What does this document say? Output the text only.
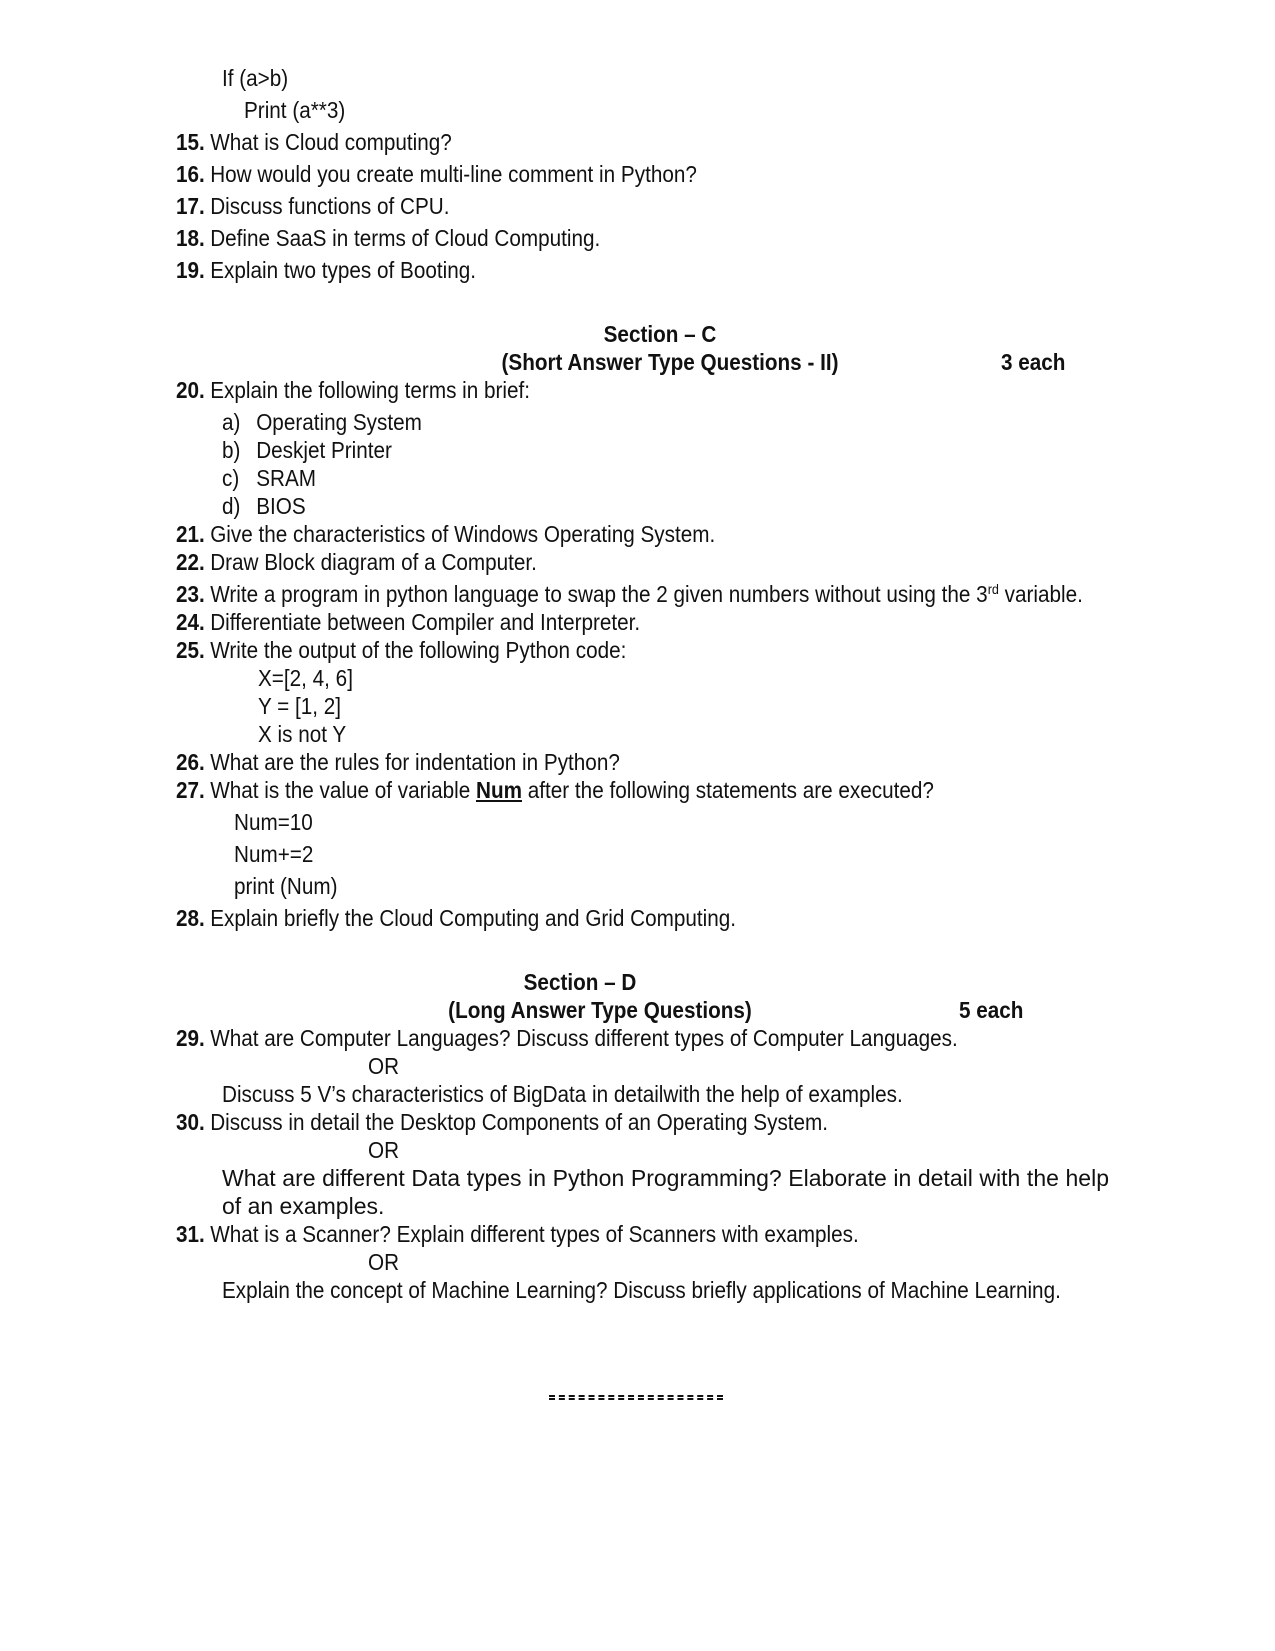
If (a>b)
Print (a**3)
15. What is Cloud computing?
16. How would you create multi-line comment in Python?
17. Discuss functions of CPU.
18. Define SaaS in terms of Cloud Computing.
19. Explain two types of Booting.
Section – C
(Short Answer Type Questions - II)	3 each
20. Explain the following terms in brief:
a) Operating System
b) Deskjet Printer
c) SRAM
d) BIOS
21. Give the characteristics of Windows Operating System.
22. Draw Block diagram of a Computer.
23. Write a program in python language to swap the 2 given numbers without using the 3rd variable.
24. Differentiate between Compiler and Interpreter.
25. Write the output of the following Python code:
X=[2, 4, 6]
Y = [1, 2]
X is not Y
26. What are the rules for indentation in Python?
27. What is the value of variable Num after the following statements are executed?
Num=10
Num+=2
print (Num)
28. Explain briefly the Cloud Computing and Grid Computing.
Section – D
(Long Answer Type Questions)	5 each
29. What are Computer Languages? Discuss different types of Computer Languages.
OR
Discuss 5 V’s characteristics of BigData in detailwith the help of examples.
30. Discuss in detail the Desktop Components of an Operating System.
OR
What are different Data types in Python Programming? Elaborate in detail with the help of an examples.
31. What is a Scanner? Explain different types of Scanners with examples.
OR
Explain the concept of Machine Learning? Discuss briefly applications of Machine Learning.
